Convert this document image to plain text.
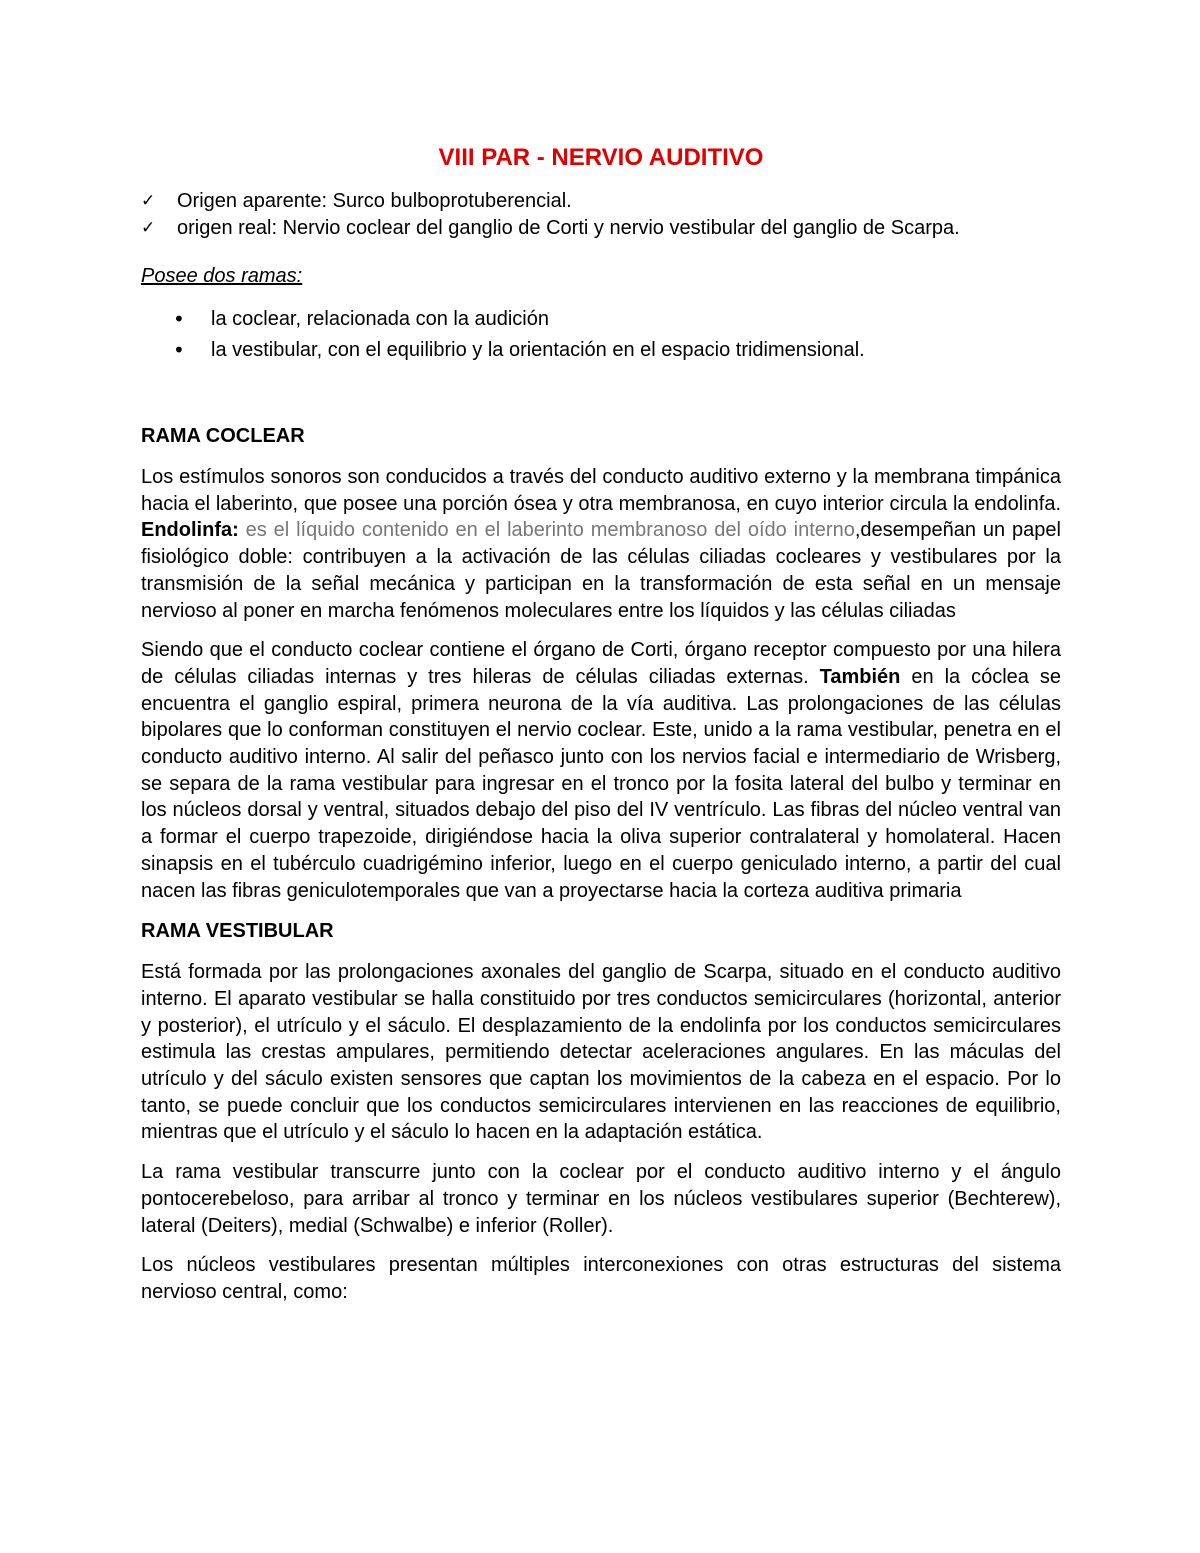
VIII PAR - NERVIO AUDITIVO
✓	Origen aparente: Surco bulboprotuberencial.
✓	origen real: Nervio coclear del ganglio de Corti y nervio vestibular del ganglio de Scarpa.
Posee dos ramas:
•	la coclear, relacionada con la audición
•	la vestibular, con el equilibrio y la orientación en el espacio tridimensional.
RAMA COCLEAR

Los estímulos sonoros son conducidos a través del conducto auditivo externo y la membrana timpánica hacia el laberinto, que posee una porción ósea y otra membranosa, en cuyo interior circula la endolinfa. Endolinfa: es el líquido contenido en el laberinto membranoso del oído interno,desempeñan un papel fisiológico doble: contribuyen a la activación de las células ciliadas cocleares y vestibulares por la transmisión de la señal mecánica y participan en la transformación de esta señal en un mensaje nervioso al poner en marcha fenómenos moleculares entre los líquidos y las células ciliadas

Siendo que el conducto coclear contiene el órgano de Corti, órgano receptor compuesto por una hilera de células ciliadas internas y tres hileras de células ciliadas externas. También en la cóclea se encuentra el ganglio espiral, primera neurona de la vía auditiva. Las prolongaciones de las células bipolares que lo conforman constituyen el nervio coclear. Este, unido a la rama vestibular, penetra en el conducto auditivo interno. Al salir del peñasco junto con los nervios facial e intermediario de Wrisberg, se separa de la rama vestibular para ingresar en el tronco por la fosita lateral del bulbo y terminar en los núcleos dorsal y ventral, situados debajo del piso del IV ventrículo. Las fibras del núcleo ventral van a formar el cuerpo trapezoide, dirigiéndose hacia la oliva superior contralateral y homolateral. Hacen sinapsis en el tubérculo cuadrigémino inferior, luego en el cuerpo geniculado interno, a partir del cual nacen las fibras geniculotemporales que van a proyectarse hacia la corteza auditiva primaria

RAMA VESTIBULAR

Está formada por las prolongaciones axonales del ganglio de Scarpa, situado en el conducto auditivo interno. El aparato vestibular se halla constituido por tres conductos semicirculares (horizontal, anterior y posterior), el utrículo y el sáculo. El desplazamiento de la endolinfa por los conductos semicirculares estimula las crestas ampulares, permitiendo detectar aceleraciones angulares. En las máculas del utrículo y del sáculo existen sensores que captan los movimientos de la cabeza en el espacio. Por lo tanto, se puede concluir que los conductos semicirculares intervienen en las reacciones de equilibrio, mientras que el utrículo y el sáculo lo hacen en la adaptación estática.

La rama vestibular transcurre junto con la coclear por el conducto auditivo interno y el ángulo pontocerebeloso, para arribar al tronco y terminar en los núcleos vestibulares superior (Bechterew), lateral (Deiters), medial (Schwalbe) e inferior (Roller).

Los núcleos vestibulares presentan múltiples interconexiones con otras estructuras del sistema nervioso central, como:
